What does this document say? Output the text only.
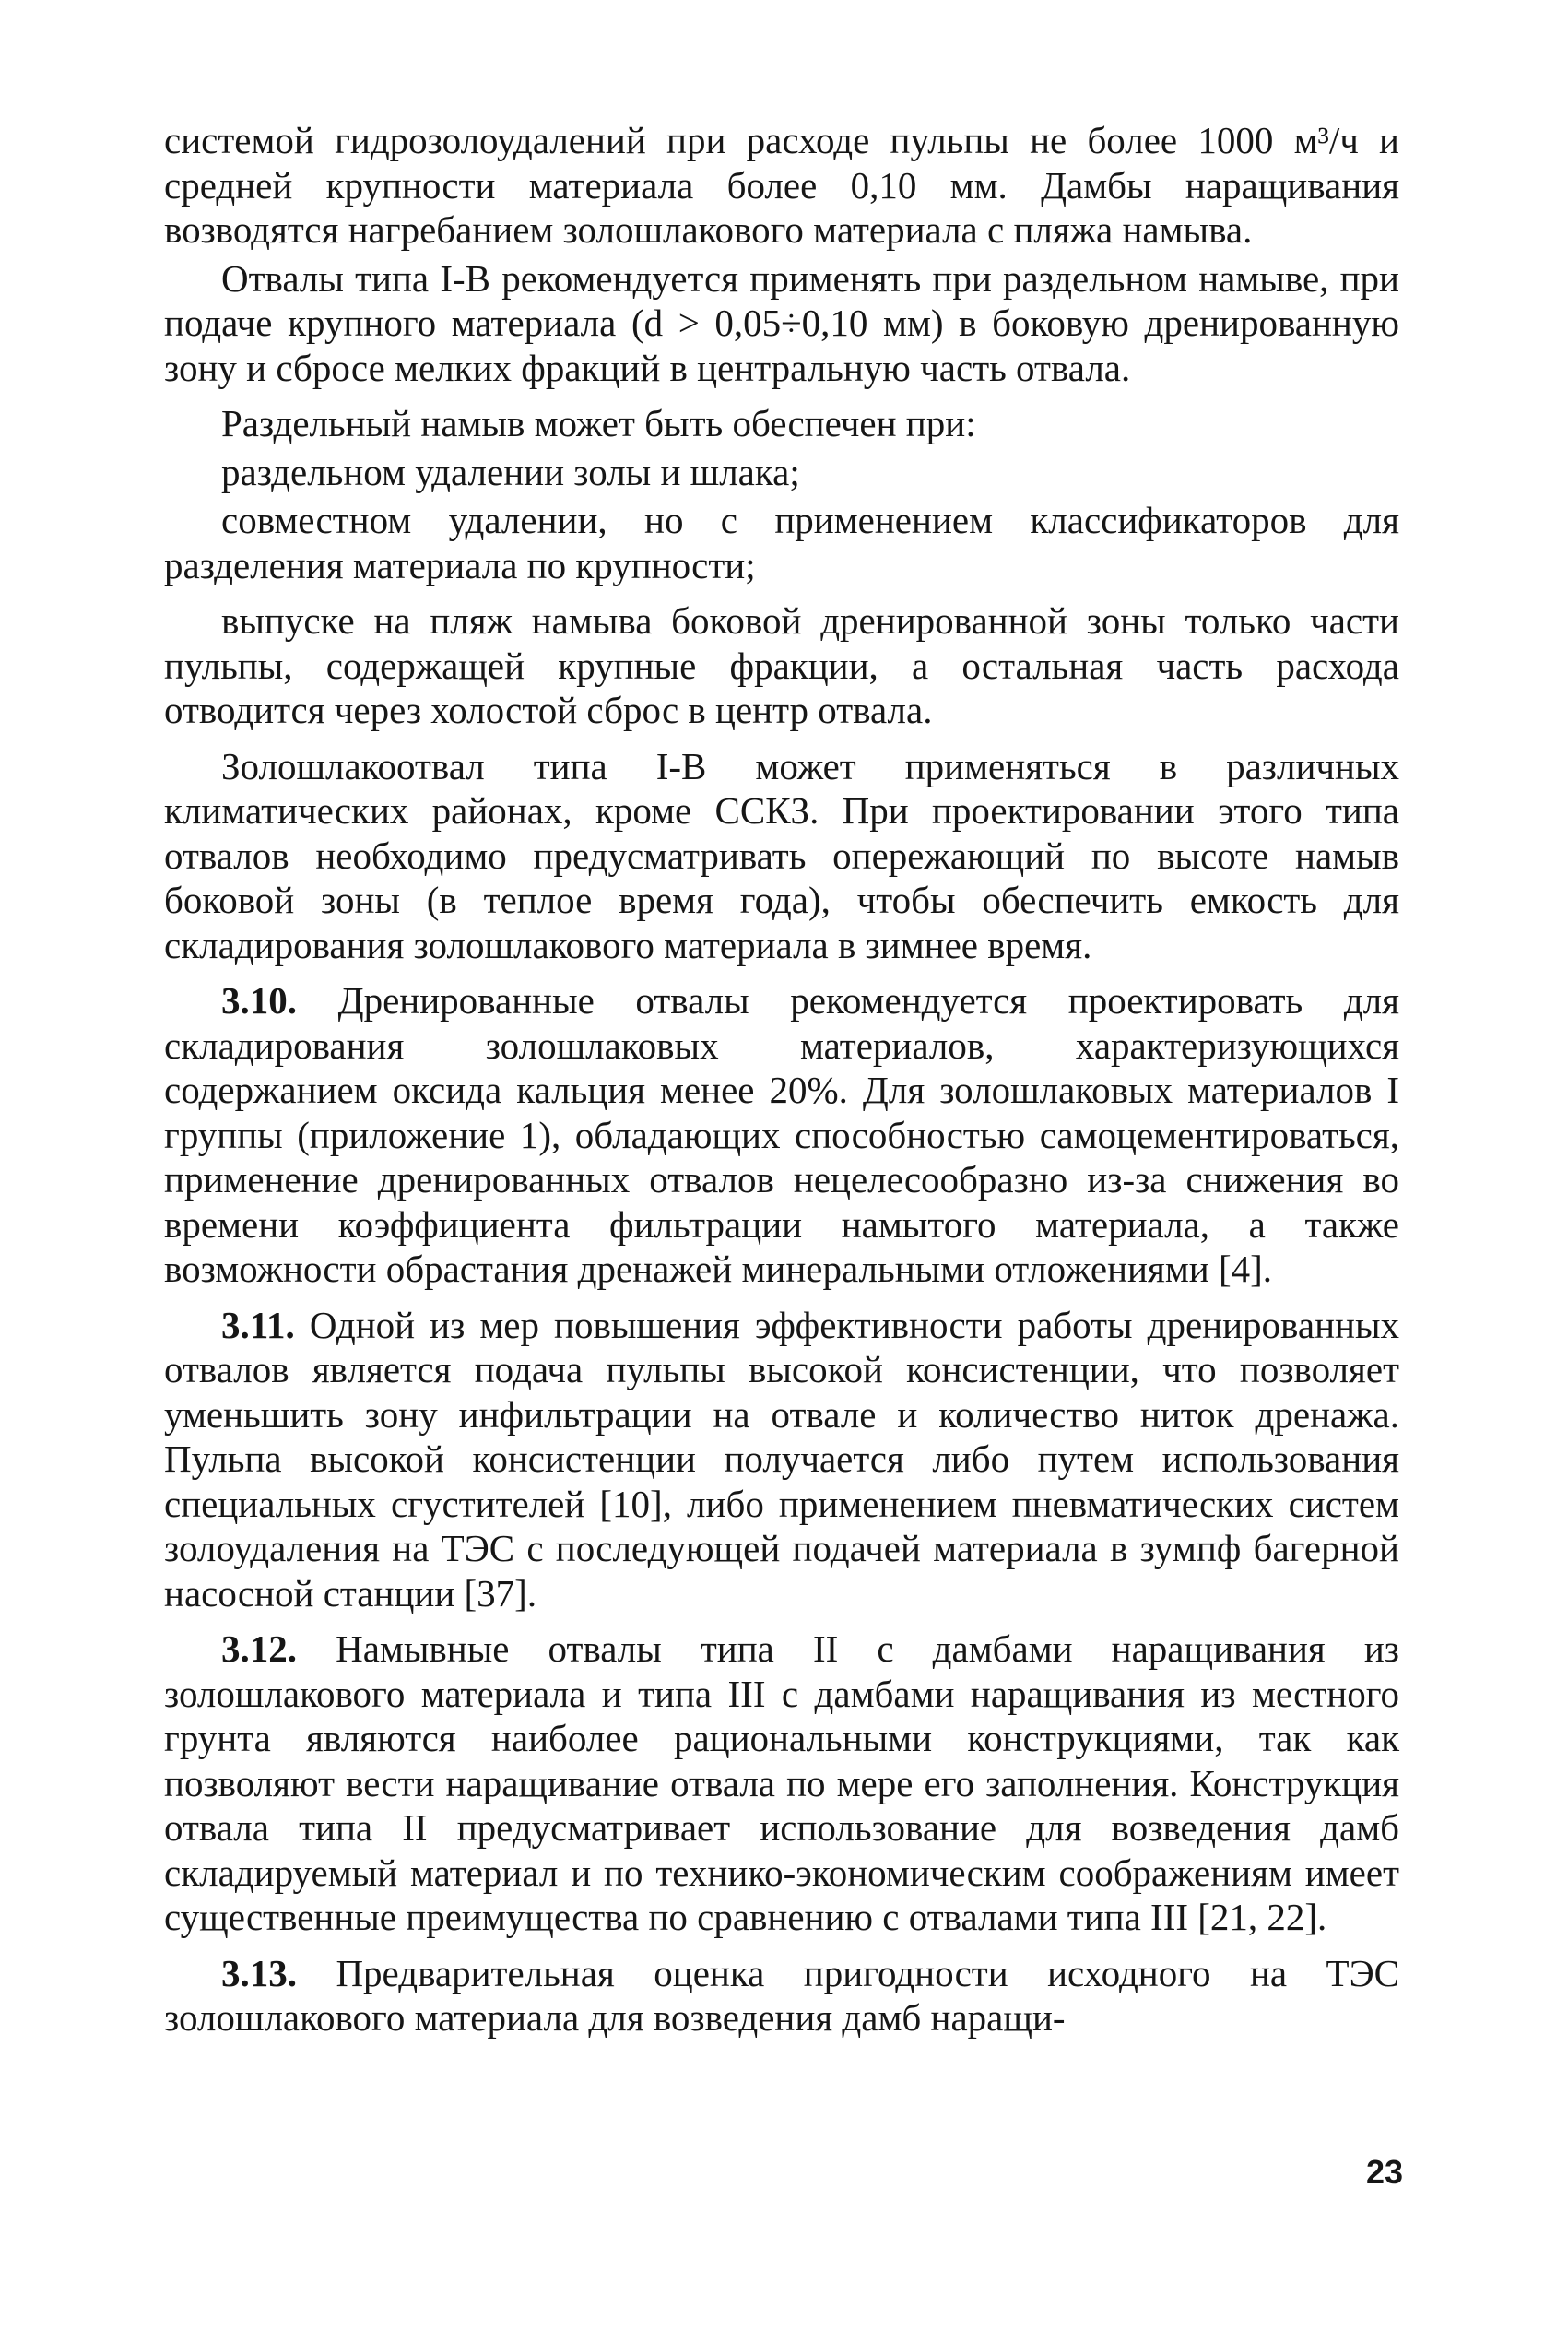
системой гидрозолоудалений при расходе пульпы не более 1000 м³/ч и средней крупности материала более 0,10 мм. Дамбы наращивания возводятся нагребанием золошлакового материала с пляжа намыва.

Отвалы типа I-В рекомендуется применять при раздельном намыве, при подаче крупного материала (d > 0,05÷0,10 мм) в боковую дренированную зону и сбросе мелких фракций в центральную часть отвала.

Раздельный намыв может быть обеспечен при:

раздельном удалении золы и шлака;

совместном удалении, но с применением классификаторов для разделения материала по крупности;

выпуске на пляж намыва боковой дренированной зоны только части пульпы, содержащей крупные фракции, а остальная часть расхода отводится через холостой сброс в центр отвала.

Золошлакоотвал типа I-В может применяться в различных климатических районах, кроме ССКЗ. При проектировании этого типа отвалов необходимо предусматривать опережающий по высоте намыв боковой зоны (в теплое время года), чтобы обеспечить емкость для складирования золошлакового материала в зимнее время.

3.10. Дренированные отвалы рекомендуется проектировать для складирования золошлаковых материалов, характеризующихся содержанием оксида кальция менее 20%. Для золошлаковых материалов I группы (приложение 1), обладающих способностью самоцементироваться, применение дренированных отвалов нецелесообразно из-за снижения во времени коэффициента фильтрации намытого материала, а также возможности обрастания дренажей минеральными отложениями [4].

3.11. Одной из мер повышения эффективности работы дренированных отвалов является подача пульпы высокой консистенции, что позволяет уменьшить зону инфильтрации на отвале и количество ниток дренажа. Пульпа высокой консистенции получается либо путем использования специальных сгустителей [10], либо применением пневматических систем золоудаления на ТЭС с последующей подачей материала в зумпф багерной насосной станции [37].

3.12. Намывные отвалы типа II с дамбами наращивания из золошлакового материала и типа III с дамбами наращивания из местного грунта являются наиболее рациональными конструкциями, так как позволяют вести наращивание отвала по мере его заполнения. Конструкция отвала типа II предусматривает использование для возведения дамб складируемый материал и по технико-экономическим соображениям имеет существенные преимущества по сравнению с отвалами типа III [21, 22].

3.13. Предварительная оценка пригодности исходного на ТЭС золошлакового материала для возведения дамб наращи-

23
